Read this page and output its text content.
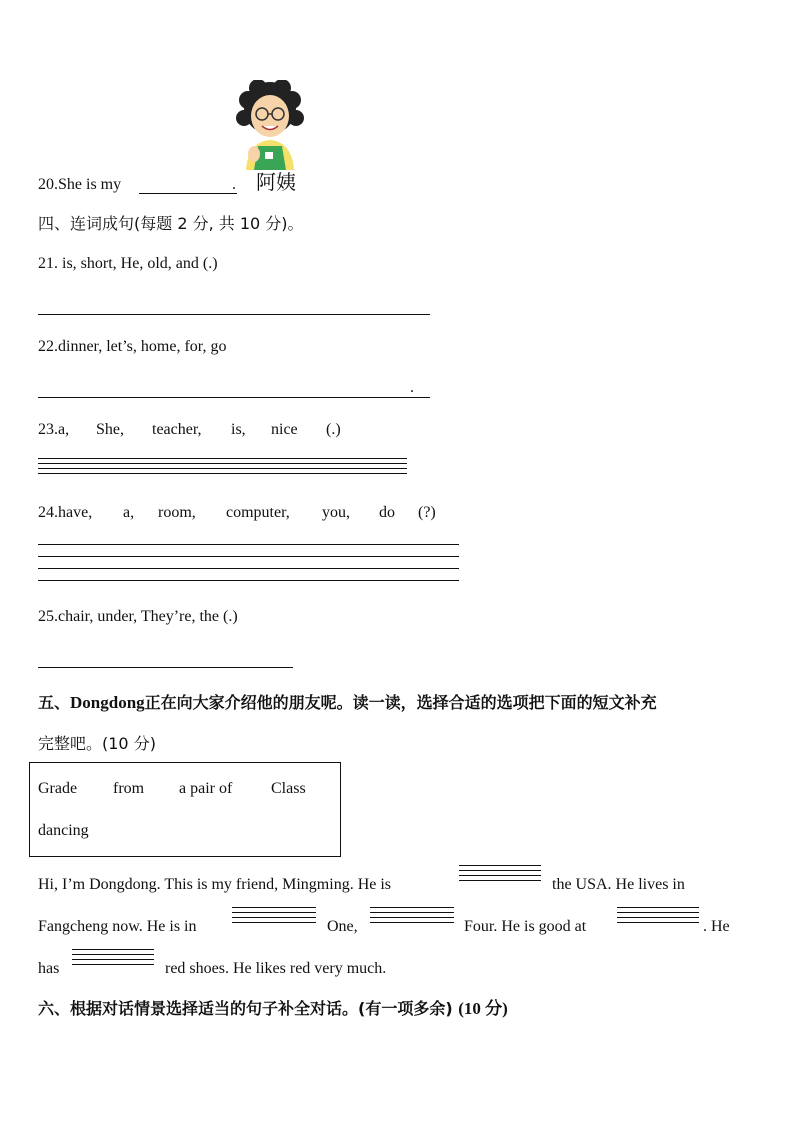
20.She is my	. 阿姨
四、连词成句(每题 2 分, 共 10 分)。
21. is, short, He, old, and (.)
22.dinner, let’s, home, for, go
.
23.a, She, teacher, is, nice (.)
24.have, a, room, computer, you, do (?)
25.chair, under, They’re, the (.)
五、Dongdong正在向大家介绍他的朋友呢。读一读，选择合适的选项把下面的短文补充
完整吧。(10 分)
Grade from a pair of Class
dancing
Hi, I’m Dongdong. This is my friend, Mingming. He is	the USA. He lives in
Fangcheng now. He is in	One,	Four. He is good at	. He
has	red shoes. He likes red very much.
六、根据对话情景选择适当的句子补全对话。(有一项多余) (10 分)
